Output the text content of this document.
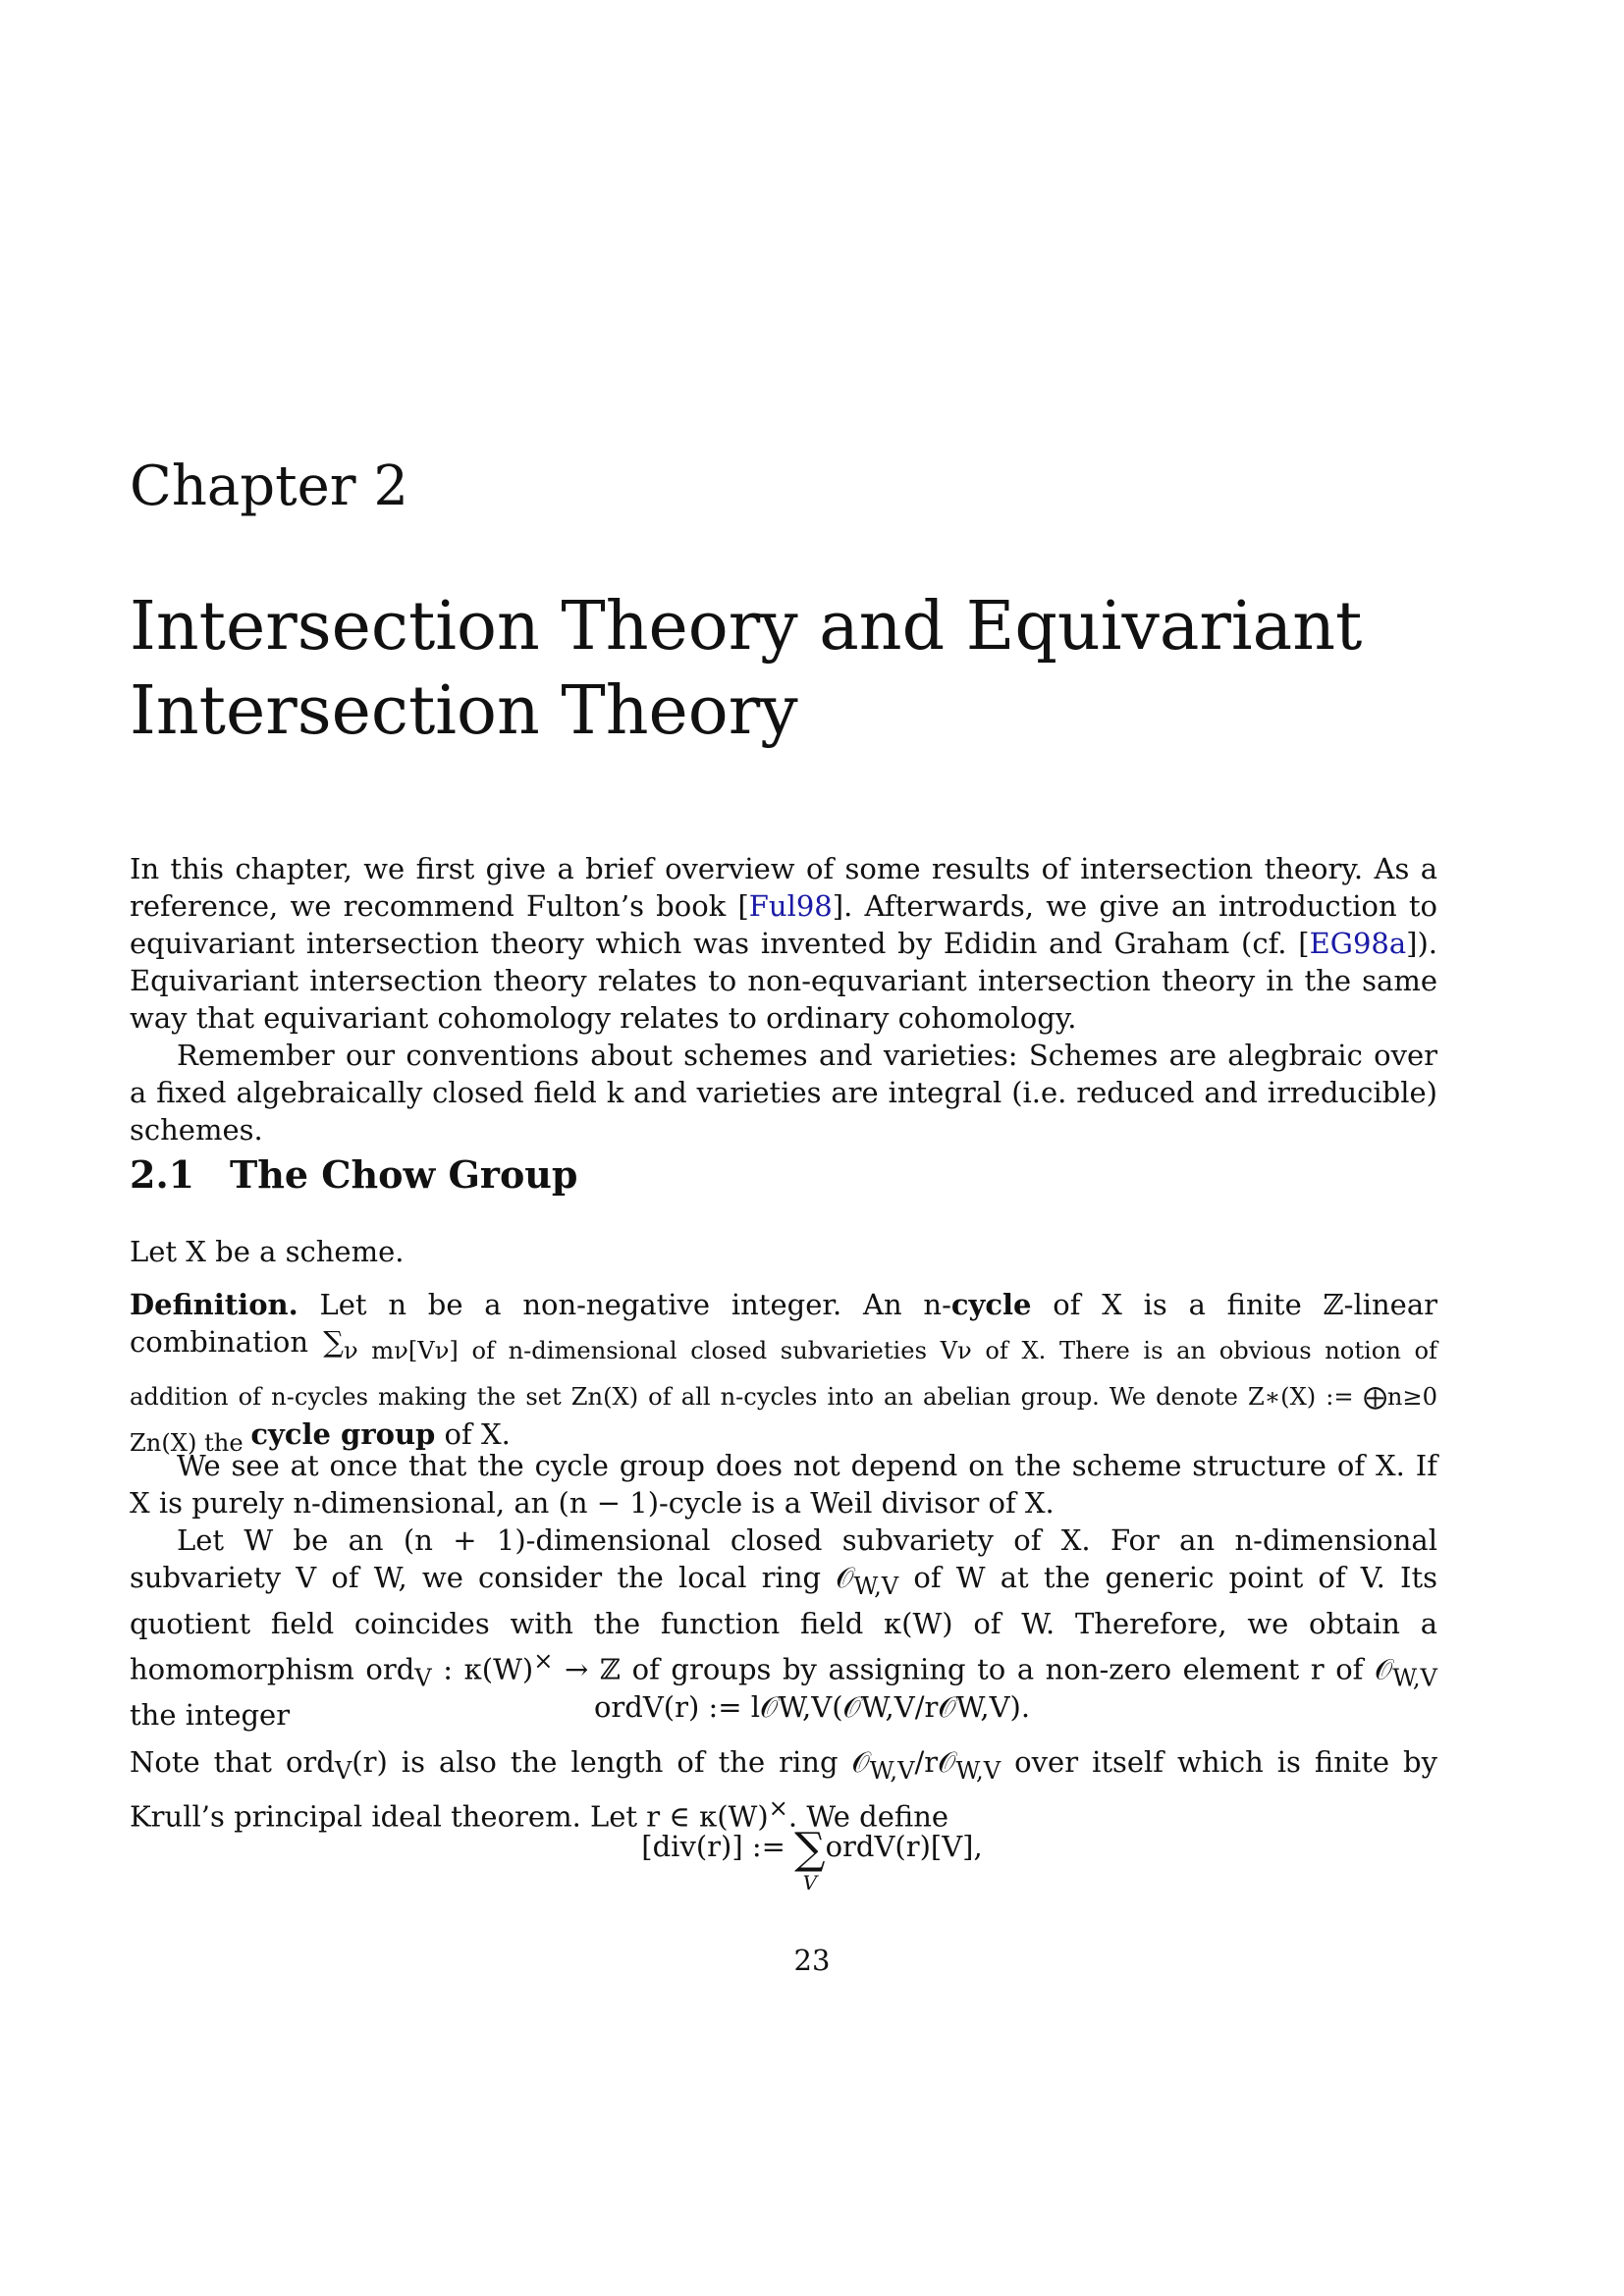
Chapter 2
Intersection Theory and Equivariant
Intersection Theory

In this chapter, we first give a brief overview of some results of intersection theory. As a reference, we recommend Fulton’s book [Ful98]. Afterwards, we give an introduction to equivariant intersection theory which was invented by Edidin and Graham (cf. [EG98a]). Equivariant intersection theory relates to non-equvariant intersection theory in the same way that equivariant cohomology relates to ordinary cohomology.

Remember our conventions about schemes and varieties: Schemes are alegbraic over a fixed algebraically closed field k and varieties are integral (i.e. reduced and irreducible) schemes.

2.1 The Chow Group

Let X be a scheme.

Definition. Let n be a non-negative integer. An n-cycle of X is a finite ℤ-linear combination $\sum_{\nu m\nu[V\nu] of n-dimensional closed subvarieties V\nu of X. There is an obvious notion of addition of n-cycles making the set Zn(X) of all n-cycles into an abelian group. We denote Z∗(X) := ⨁n\ge 0 Zn(X) the}$ cycle group of X.

We see at once that the cycle group does not depend on the scheme structure of X. If X is purely n-dimensional, an (n − 1)-cycle is a Weil divisor of X.

Let W be an (n + 1)-dimensional closed subvariety of X. For an n-dimensional subvariety V of W, we consider the local ring 𝒪$_{W,V}$ of W at the generic point of V. Its quotient field coincides with the function field κ(W) of W. Therefore, we obtain a homomorphism ord$_V$ : κ(W)× → ℤ of groups by assigning to a non-zero element r of 𝒪$_{W,V}$ the integer	ordV(r) := l𝒪W,V(𝒪W,V/r𝒪W,V).

Note that ord$_V$(r) is also the length of the ring 𝒪$_{W,V}$/r𝒪$_{W,V}$ over itself which is finite by Krull’s principal ideal theorem. Let r ∈ κ(W)×. We define

[div(r)] := ∑
V
ordV(r)[V],
23
